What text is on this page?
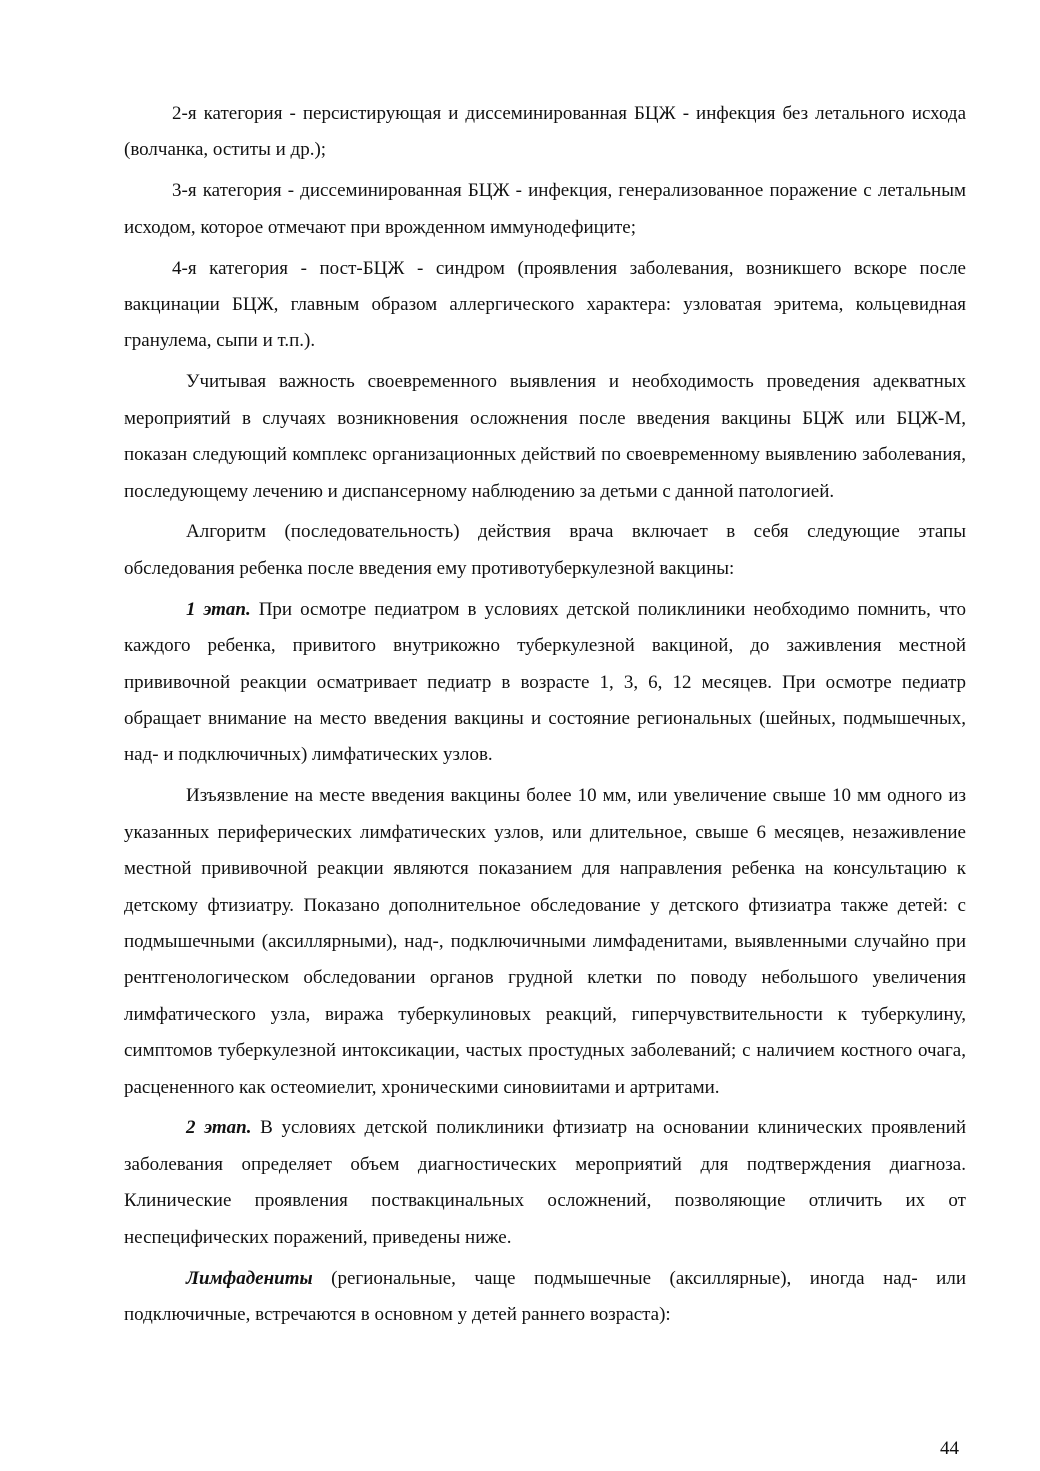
2-я категория - персистирующая и диссеминированная БЦЖ - инфекция без летального исхода (волчанка, оститы и др.);

3-я категория - диссеминированная БЦЖ - инфекция, генерализованное поражение с летальным исходом, которое отмечают при врожденном иммунодефиците;

4-я категория - пост-БЦЖ - синдром (проявления заболевания, возникшего вскоре после вакцинации БЦЖ, главным образом аллергического характера: узловатая эритема, кольцевидная гранулема, сыпи и т.п.).

Учитывая важность своевременного выявления и необходимость проведения адекватных мероприятий в случаях возникновения осложнения после введения вакцины БЦЖ или БЦЖ-М, показан следующий комплекс организационных действий по своевременному выявлению заболевания, последующему лечению и диспансерному наблюдению за детьми с данной патологией.

Алгоритм (последовательность) действия врача включает в себя следующие этапы обследования ребенка после введения ему противотуберкулезной вакцины:

1 этап. При осмотре педиатром в условиях детской поликлиники необходимо помнить, что каждого ребенка, привитого внутрикожно туберкулезной вакциной, до заживления местной прививочной реакции осматривает педиатр в возрасте 1, 3, 6, 12 месяцев. При осмотре педиатр обращает внимание на место введения вакцины и состояние региональных (шейных, подмышечных, над- и подключичных) лимфатических узлов.

Изъязвление на месте введения вакцины более 10 мм, или увеличение свыше 10 мм одного из указанных периферических лимфатических узлов, или длительное, свыше 6 месяцев, незаживление местной прививочной реакции являются показанием для направления ребенка на консультацию к детскому фтизиатру. Показано дополнительное обследование у детского фтизиатра также детей: с подмышечными (аксиллярными), над-, подключичными лимфаденитами, выявленными случайно при рентгенологическом обследовании органов грудной клетки по поводу небольшого увеличения лимфатического узла, виража туберкулиновых реакций, гиперчувствительности к туберкулину, симптомов туберкулезной интоксикации, частых простудных заболеваний; с наличием костного очага, расцененного как остеомиелит, хроническими синовиитами и артритами.

2 этап. В условиях детской поликлиники фтизиатр на основании клинических проявлений заболевания определяет объем диагностических мероприятий для подтверждения диагноза. Клинические проявления поствакцинальных осложнений, позволяющие отличить их от неспецифических поражений, приведены ниже.

Лимфадениты (региональные, чаще подмышечные (аксиллярные), иногда над- или подключичные, встречаются в основном у детей раннего возраста):

44
